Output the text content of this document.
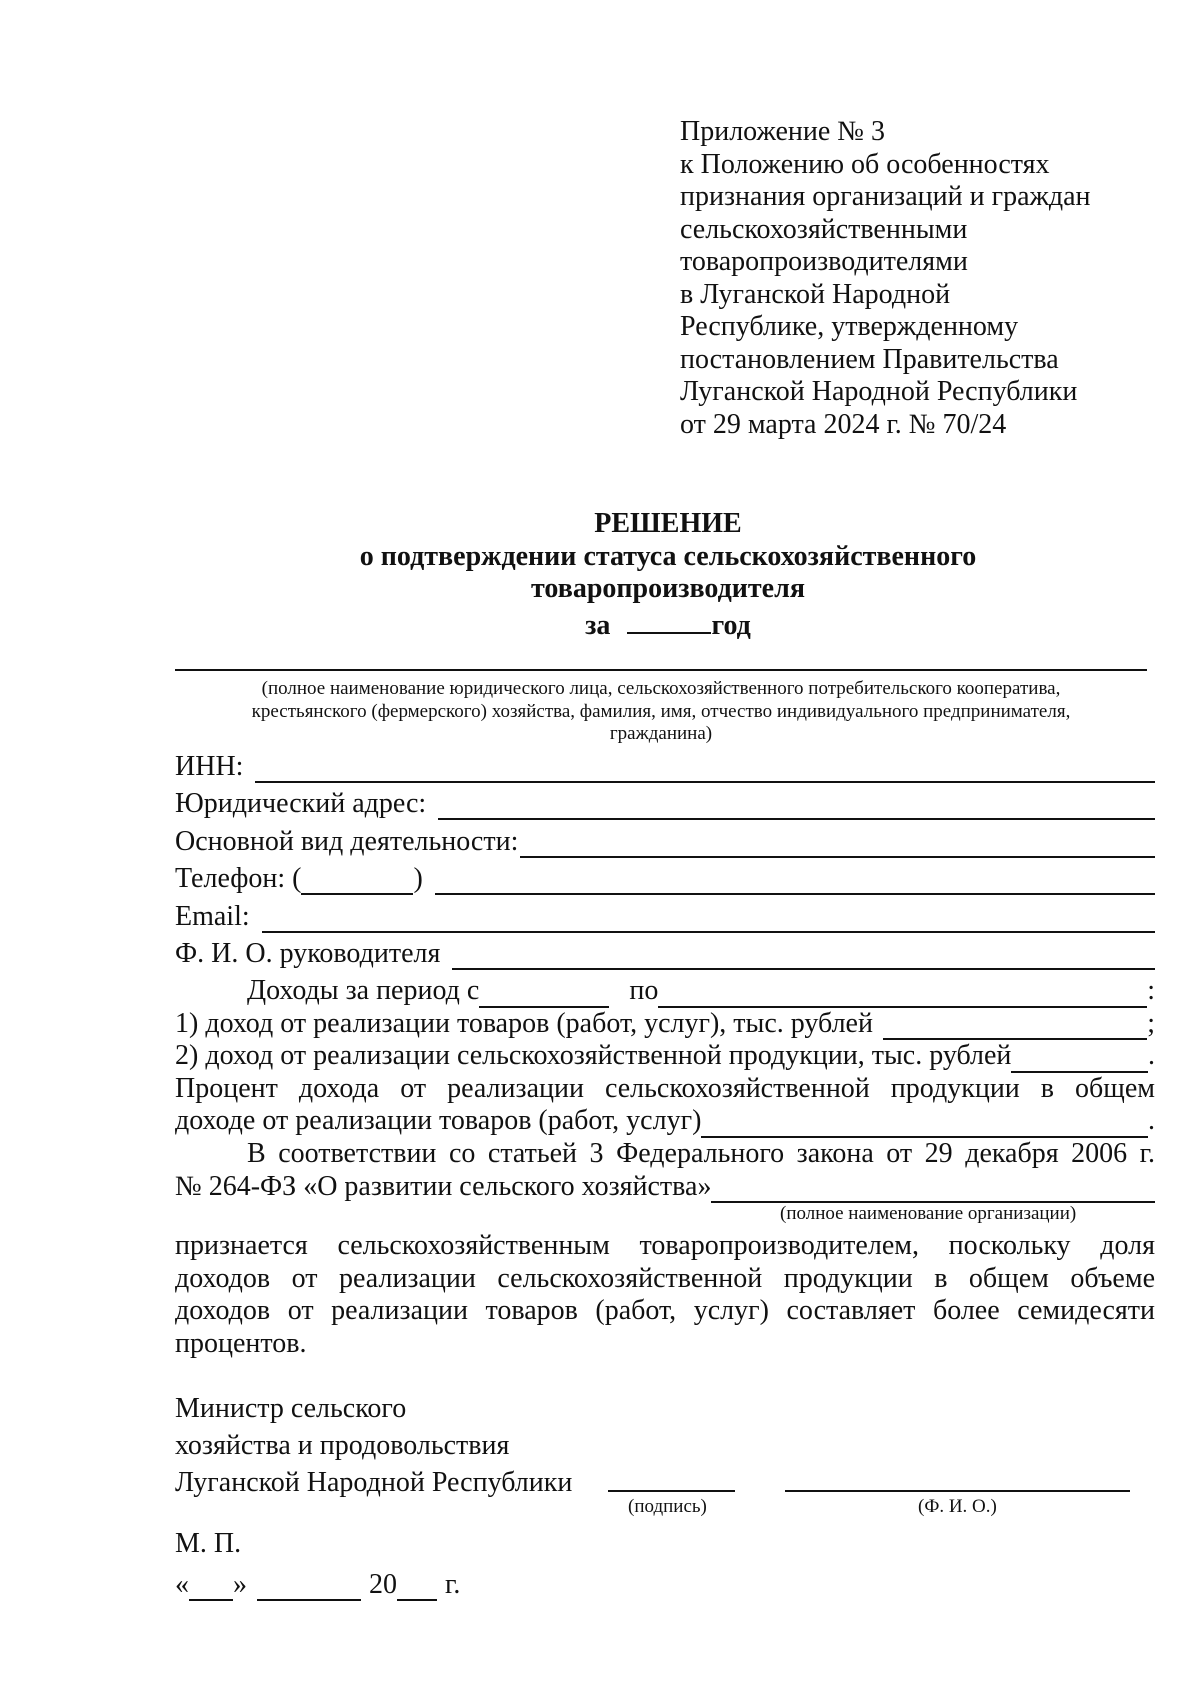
Приложение № 3
к Положению об особенностях
признания организаций и граждан
сельскохозяйственными
товаропроизводителями
в Луганской Народной
Республике, утвержденному
постановлением Правительства
Луганской Народной Республики
от 29 марта 2024 г. № 70/24
РЕШЕНИЕ
о подтверждении статуса сельскохозяйственного
товаропроизводителя
за	год
(полное наименование юридического лица, сельскохозяйственного потребительского кооператива,
крестьянского (фермерского) хозяйства, фамилия, имя, отчество индивидуального предпринимателя,
гражданина)
ИНН:
Юридический адрес:
Основной вид деятельности:
Телефон:
(	)
Email:
Ф. И. О. руководителя
Доходы за период с	по	:
1) доход от реализации товаров (работ, услуг), тыс. рублей	;
2) доход от реализации сельскохозяйственной продукции, тыс. рублей	.
Процент дохода от реализации сельскохозяйственной продукции в общем
доходе от реализации товаров (работ, услуг)	.
В соответствии со статьей 3 Федерального закона от 29 декабря 2006 г.
№ 264-ФЗ «О развитии сельского хозяйства»
(полное наименование организации)
признается сельскохозяйственным товаропроизводителем, поскольку доля
доходов от реализации сельскохозяйственной продукции в общем объеме
доходов от реализации товаров (работ, услуг) составляет более семидесяти
процентов.
Министр сельского
хозяйства и продовольствия
Луганской Народной Республики
(подпись)	(Ф. И. О.)
М. П.
« »	20 г.
